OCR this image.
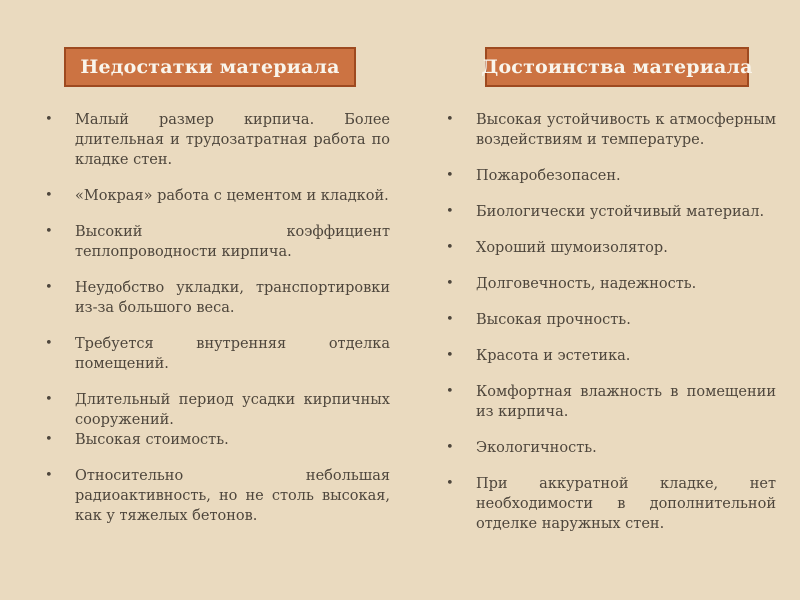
Недостатки материала	Достоинства материала
•	Малый размер кирпича. Более длительная и трудозатратная работа по кладке стен.
•	«Мокрая» работа с цементом и кладкой.
•	Высокий коэффициент теплопроводности кирпича.
•	Неудобство укладки, транспортировки из-за большого веса.
•	Требуется внутренняя отделка помещений.
•	Длительный период усадки кирпичных сооружений.
•	Высокая стоимость.
•	Относительно небольшая радиоактивность, но не столь высокая, как у тяжелых бетонов.
•	Высокая устойчивость к атмосферным воздействиям и температуре.
•	Пожаробезопасен.
•	Биологически устойчивый материал.
•	Хороший шумоизолятор.
•	Долговечность, надежность.
•	Высокая прочность.
•	Красота и эстетика.
•	Комфортная влажность в помещении из кирпича.
•	Экологичность.
•	При аккуратной кладке, нет необходимости в дополнительной отделке наружных стен.
